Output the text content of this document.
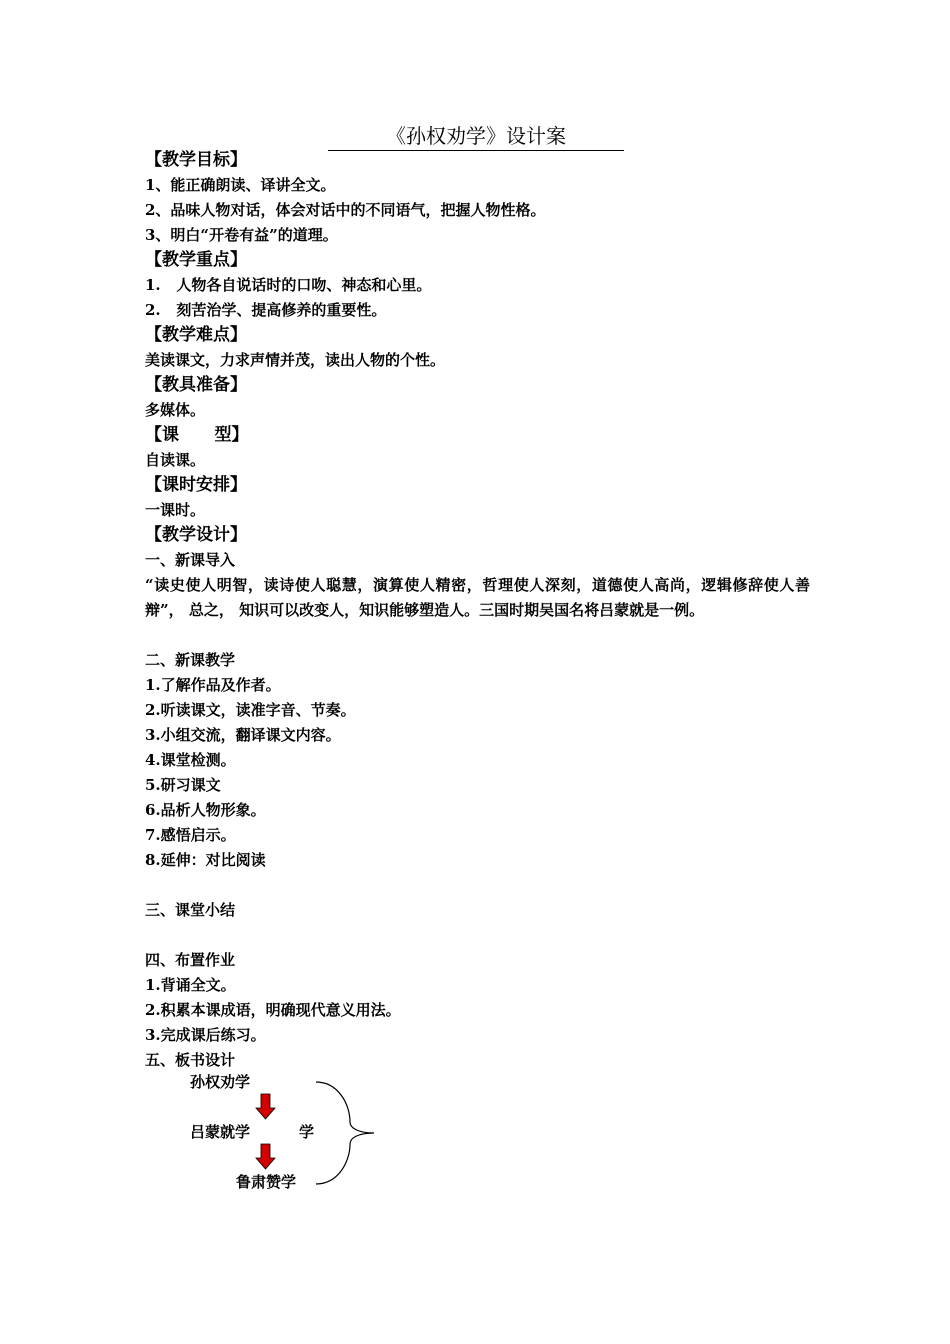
《孙权劝学》设计案
【教学目标】
1、能正确朗读、译讲全文。
2、品味人物对话，体会对话中的不同语气，把握人物性格。
3、明白“开卷有益”的道理。
【教学重点】
1.   人物各自说话时的口吻、神态和心里。
2.   刻苦治学、提高修养的重要性。
【教学难点】
美读课文，力求声情并茂，读出人物的个性。
【教具准备】
多媒体。
【课      型】
自读课。
【课时安排】
一课时。
【教学设计】
一、新课导入
“读史使人明智，读诗使人聪慧，演算使人精密，哲理使人深刻，道德使人高尚，逻辑修辞使人善辩”， 总之， 知识可以改变人，知识能够塑造人。三国时期吴国名将吕蒙就是一例。
二、新课教学
1.了解作品及作者。
2.听读课文，读准字音、节奏。
3.小组交流，翻译课文内容。
4.课堂检测。
5.研习课文
6.品析人物形象。
7.感悟启示。
8.延伸：对比阅读
三、课堂小结
四、布置作业
1.背诵全文。
2.积累本课成语，明确现代意义用法。
3.完成课后练习。
五、板书设计
孙权劝学
吕蒙就学	学
鲁肃赞学
